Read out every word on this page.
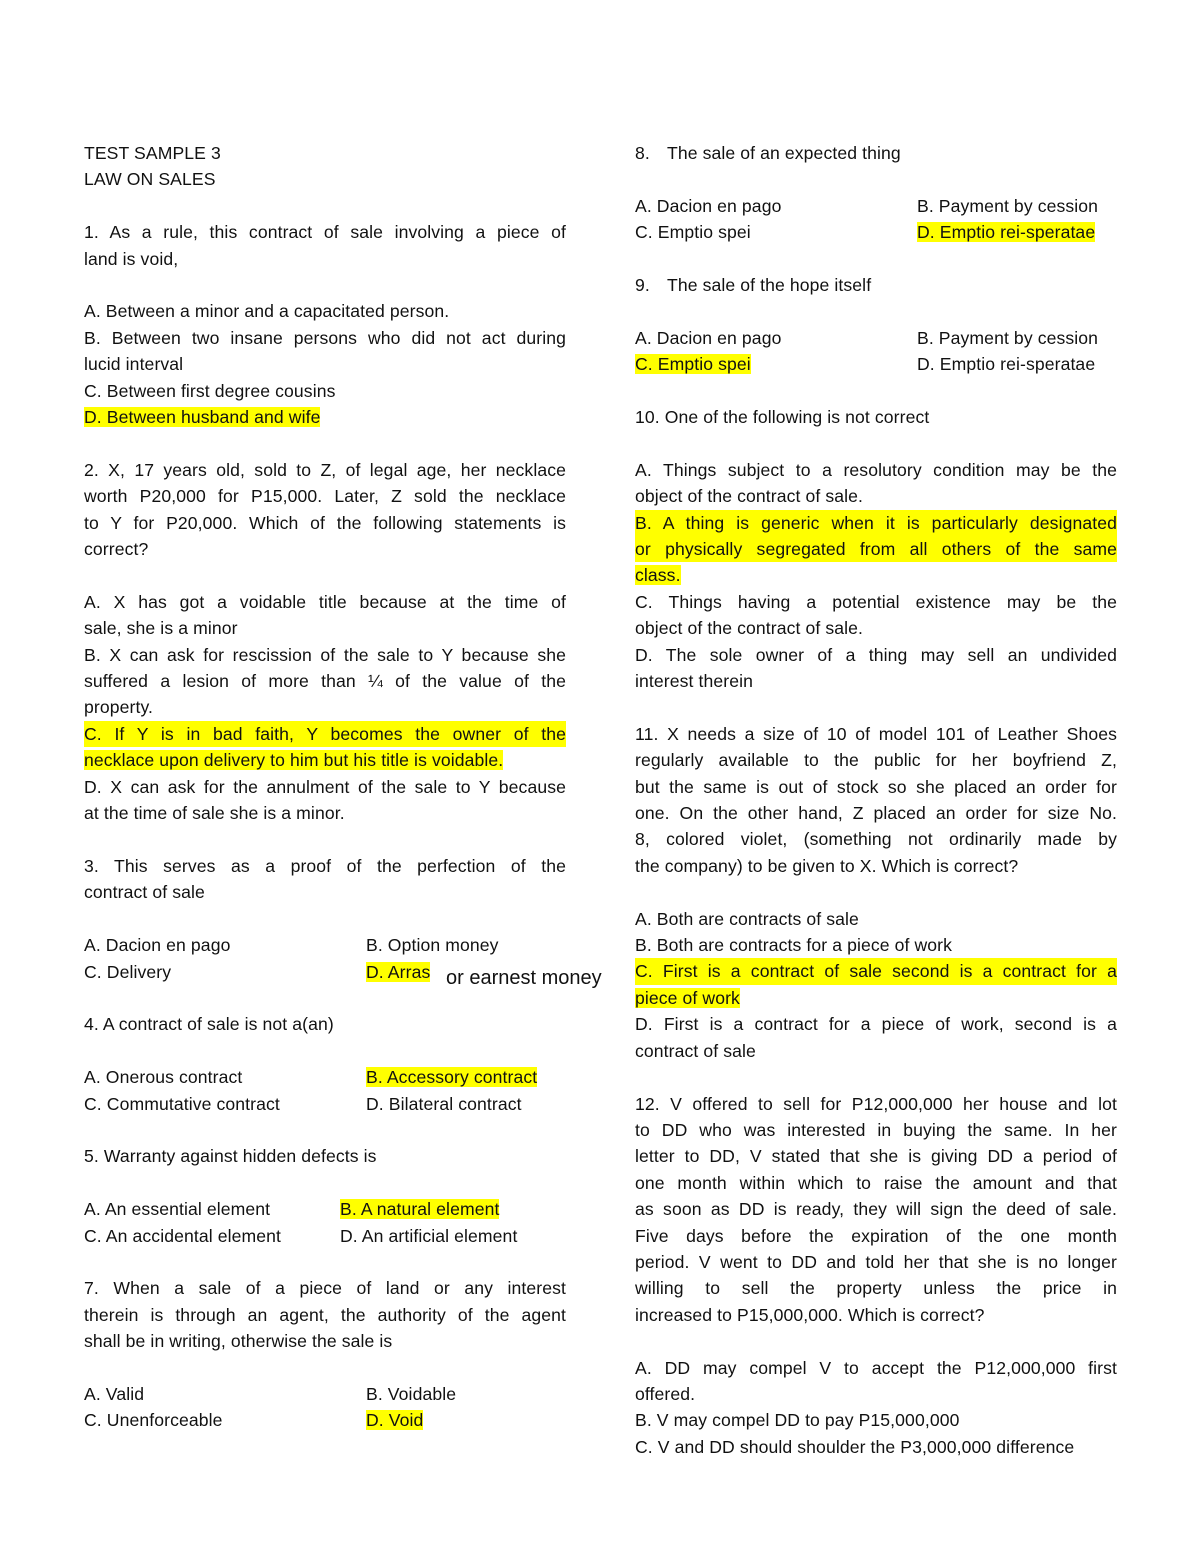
TEST SAMPLE 3

LAW ON SALES

1. As a rule, this contract of sale involving a piece of

land is void,

A. Between a minor and a capacitated person.

B. Between two insane persons who did not act during

lucid interval

C. Between first degree cousins

D. Between husband and wife

2. X, 17 years old, sold to Z, of legal age, her necklace

worth P20,000 for P15,000. Later, Z sold the necklace

to Y for P20,000. Which of the following statements is

correct?

A. X has got a voidable title because at the time of

sale, she is a minor

B. X can ask for rescission of the sale to Y because she

suffered a lesion of more than ¼ of the value of the

property.

C. If Y is in bad faith, Y becomes the owner of the

necklace upon delivery to him but his title is voidable.

D. X can ask for the annulment of the sale to Y because

at the time of sale she is a minor.

3. This serves as a proof of the perfection of the

contract of sale

A. Dacion en pago	B. Option money
C. Delivery	D. Arras

4. A contract of sale is not a(an)

A. Onerous contract	B. Accessory contract
C. Commutative contract	D. Bilateral contract

5. Warranty against hidden defects is

A. An essential element	B. A natural element
C. An accidental element	D. An artificial element

7. When a sale of a piece of land or any interest

therein is through an agent, the authority of the agent

shall be in writing, otherwise the sale is

A. Valid	B. Voidable
C. Unenforceable	D. Void
or earnest money

8. The sale of an expected thing

A. Dacion en pago	B. Payment by cession
C. Emptio spei	D. Emptio rei-speratae

9. The sale of the hope itself

A. Dacion en pago	B. Payment by cession
C. Emptio spei	D. Emptio rei-speratae

10. One of the following is not correct

A. Things subject to a resolutory condition may be the

object of the contract of sale.

B. A thing is generic when it is particularly designated

or physically segregated from all others of the same

class.

C. Things having a potential existence may be the

object of the contract of sale.

D. The sole owner of a thing may sell an undivided

interest therein

11. X needs a size of 10 of model 101 of Leather Shoes

regularly available to the public for her boyfriend Z,

but the same is out of stock so she placed an order for

one. On the other hand, Z placed an order for size No.

8, colored violet, (something not ordinarily made by

the company) to be given to X. Which is correct?

A. Both are contracts of sale

B. Both are contracts for a piece of work

C. First is a contract of sale second is a contract for a

piece of work

D. First is a contract for a piece of work, second is a

contract of sale

12. V offered to sell for P12,000,000 her house and lot

to DD who was interested in buying the same. In her

letter to DD, V stated that she is giving DD a period of

one month within which to raise the amount and that

as soon as DD is ready, they will sign the deed of sale.

Five days before the expiration of the one month

period. V went to DD and told her that she is no longer

willing to sell the property unless the price in

increased to P15,000,000. Which is correct?

A. DD may compel V to accept the P12,000,000 first

offered.

B. V may compel DD to pay P15,000,000

C. V and DD should shoulder the P3,000,000 difference
